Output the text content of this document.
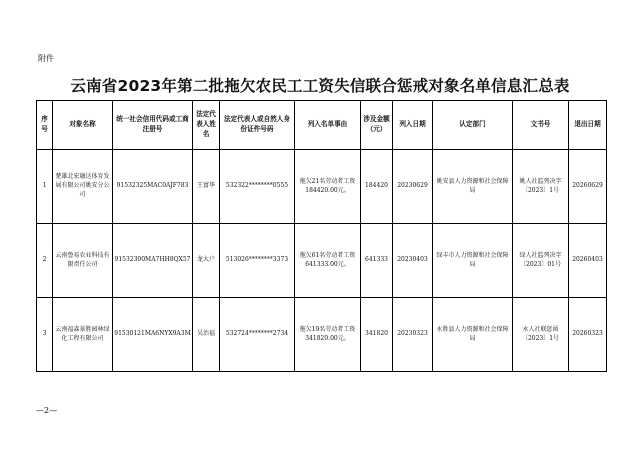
附件
云南省2023年第二批拖欠农民工工资失信联合惩戒对象名单信息汇总表
序号	对象名称	统一社会信用代码或工商注册号	法定代表人姓名	法定代表人或自然人身份证件号码	列入名单事由	涉及金额（元）	列入日期	认定部门	文书号	退出日期
1	楚雄北宏融达体育发展有限公司姚安分公司	91532325MAC0AJF783	王富华	532322********0555	拖欠21名劳动者工资184420.00元。	184420	20230629	姚安县人力资源和社会保障局	姚人社监列决字〔2023〕1号	20260629
2	云南鲁易农业科技有限责任公司	91532300MA7HH8QX57	龙大户	513026********3373	拖欠61名劳动者工资641333.00元。	641333	20230403	绿丰市人力资源和社会保障局	绿人社监列决字〔2023〕01号	20260403
3	云南福森景胜园林绿化工程有限公司	91530121MA6NYX9A3M	吴治福	532724********2734	拖欠19名劳动者工资341820.00元。	341820	20230323	永胜县人力资源和社会保障局	永人社联惩函〔2023〕1号	20260323
—2—
